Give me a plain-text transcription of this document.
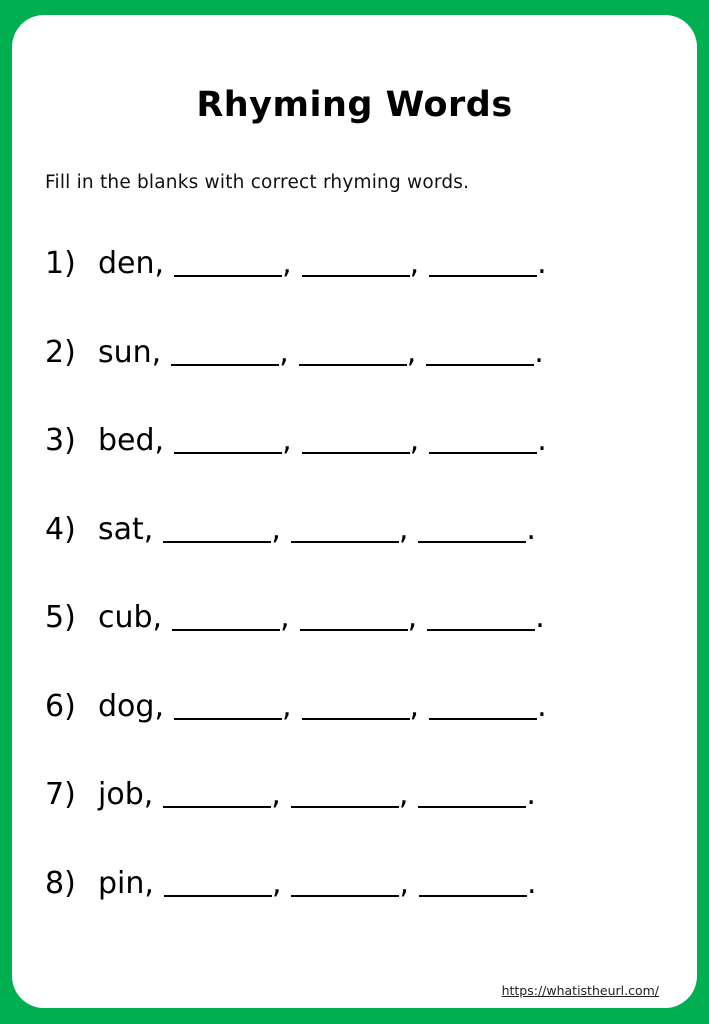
Rhyming Words
Fill in the blanks with correct rhyming words.
1) den,	,	,	.
2) sun,	,	,	.
3) bed,	,	,	.
4) sat,	,	,	.
5) cub,	,	,	.
6) dog,	,	,	.
7) job,	,	,	.
8) pin,	,	,	.
https://whatistheurl.com/
